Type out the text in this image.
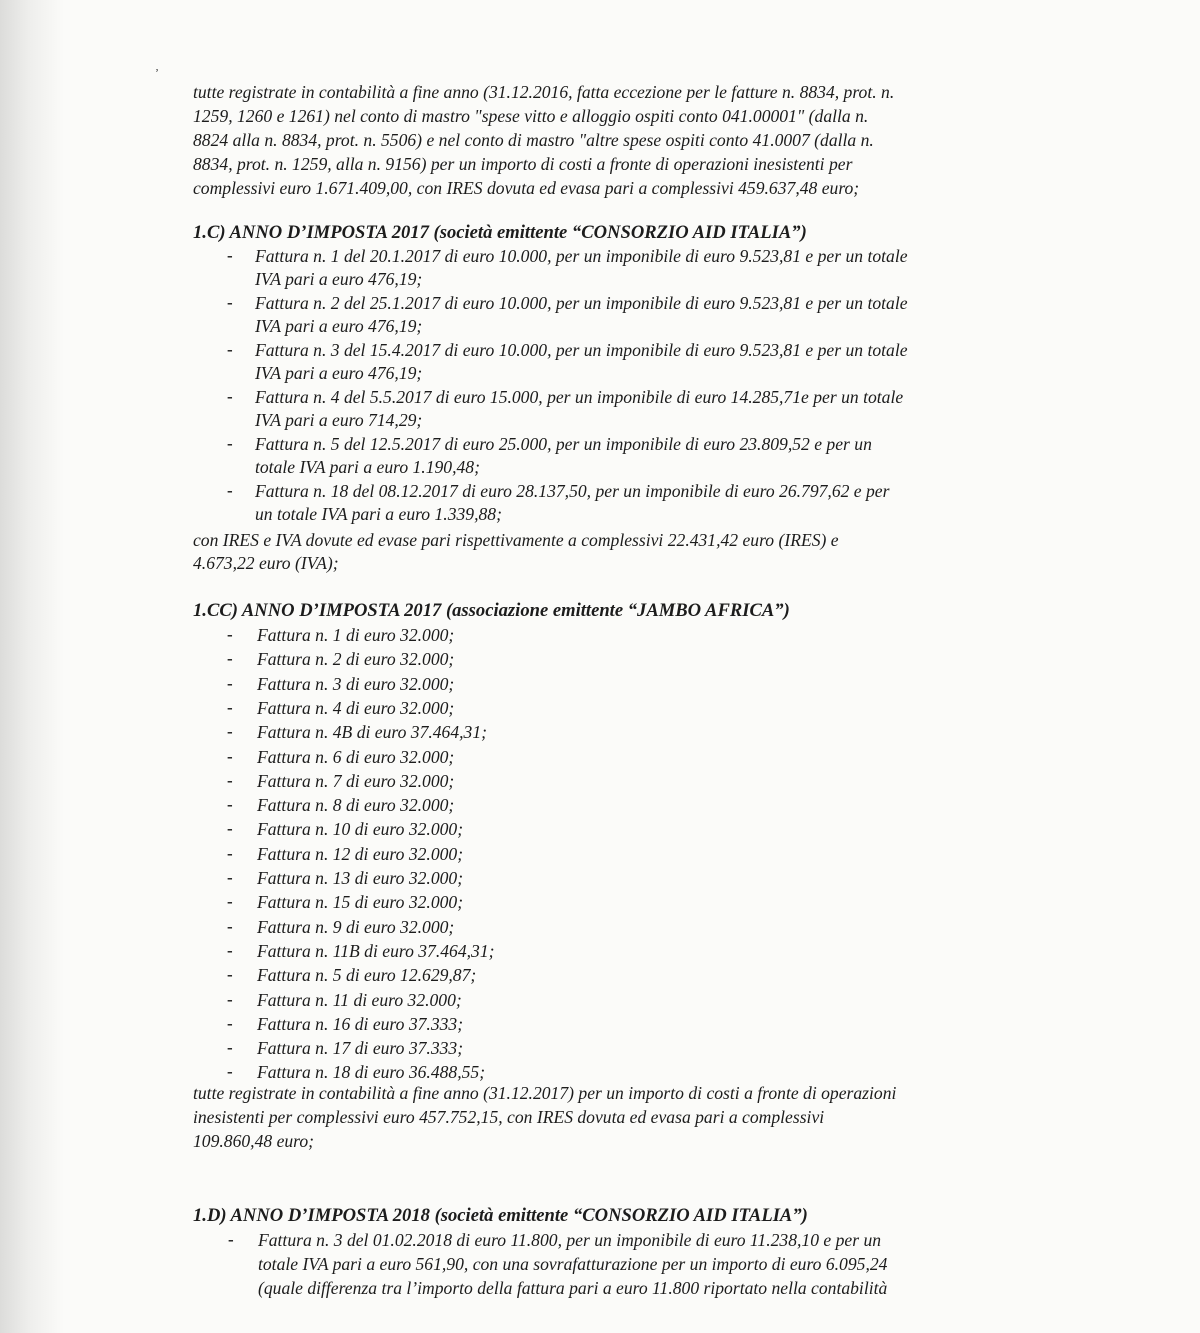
ʼ
tutte registrate in contabilità a fine anno (31.12.2016, fatta eccezione per le fatture n. 8834, prot. n.
1259, 1260 e 1261) nel conto di mastro "spese vitto e alloggio ospiti conto 041.00001" (dalla n.
8824 alla n. 8834, prot. n. 5506) e nel conto di mastro "altre spese ospiti conto 41.0007 (dalla n.
8834, prot. n. 1259, alla n. 9156) per un importo di costi a fronte di operazioni inesistenti per
complessivi euro 1.671.409,00, con IRES dovuta ed evasa pari a complessivi 459.637,48 euro;
1.C) ANNO D’IMPOSTA 2017 (società emittente “CONSORZIO AID ITALIA”)
- Fattura n. 1 del 20.1.2017 di euro 10.000, per un imponibile di euro 9.523,81 e per un totale
IVA pari a euro 476,19;
- Fattura n. 2 del 25.1.2017 di euro 10.000, per un imponibile di euro 9.523,81 e per un totale
IVA pari a euro 476,19;
- Fattura n. 3 del 15.4.2017 di euro 10.000, per un imponibile di euro 9.523,81 e per un totale
IVA pari a euro 476,19;
- Fattura n. 4 del 5.5.2017 di euro 15.000, per un imponibile di euro 14.285,71e per un totale
IVA pari a euro 714,29;
- Fattura n. 5 del 12.5.2017 di euro 25.000, per un imponibile di euro 23.809,52 e per un
totale IVA pari a euro 1.190,48;
- Fattura n. 18 del 08.12.2017 di euro 28.137,50, per un imponibile di euro 26.797,62 e per
un totale IVA pari a euro 1.339,88;
con IRES e IVA dovute ed evase pari rispettivamente a complessivi 22.431,42 euro (IRES) e
4.673,22 euro (IVA);
1.CC) ANNO D’IMPOSTA 2017 (associazione emittente “JAMBO AFRICA”)
- Fattura n. 1 di euro 32.000;
- Fattura n. 2 di euro 32.000;
- Fattura n. 3 di euro 32.000;
- Fattura n. 4 di euro 32.000;
- Fattura n. 4B di euro 37.464,31;
- Fattura n. 6 di euro 32.000;
- Fattura n. 7 di euro 32.000;
- Fattura n. 8 di euro 32.000;
- Fattura n. 10 di euro 32.000;
- Fattura n. 12 di euro 32.000;
- Fattura n. 13 di euro 32.000;
- Fattura n. 15 di euro 32.000;
- Fattura n. 9 di euro 32.000;
- Fattura n. 11B di euro 37.464,31;
- Fattura n. 5 di euro 12.629,87;
- Fattura n. 11 di euro 32.000;
- Fattura n. 16 di euro 37.333;
- Fattura n. 17 di euro 37.333;
- Fattura n. 18 di euro 36.488,55;
tutte registrate in contabilità a fine anno (31.12.2017) per un importo di costi a fronte di operazioni
inesistenti per complessivi euro 457.752,15, con IRES dovuta ed evasa pari a complessivi
109.860,48 euro;
1.D) ANNO D’IMPOSTA 2018 (società emittente “CONSORZIO AID ITALIA”)
- Fattura n. 3 del 01.02.2018 di euro 11.800, per un imponibile di euro 11.238,10 e per un
totale IVA pari a euro 561,90, con una sovrafatturazione per un importo di euro 6.095,24
(quale differenza tra l’importo della fattura pari a euro 11.800 riportato nella contabilità
